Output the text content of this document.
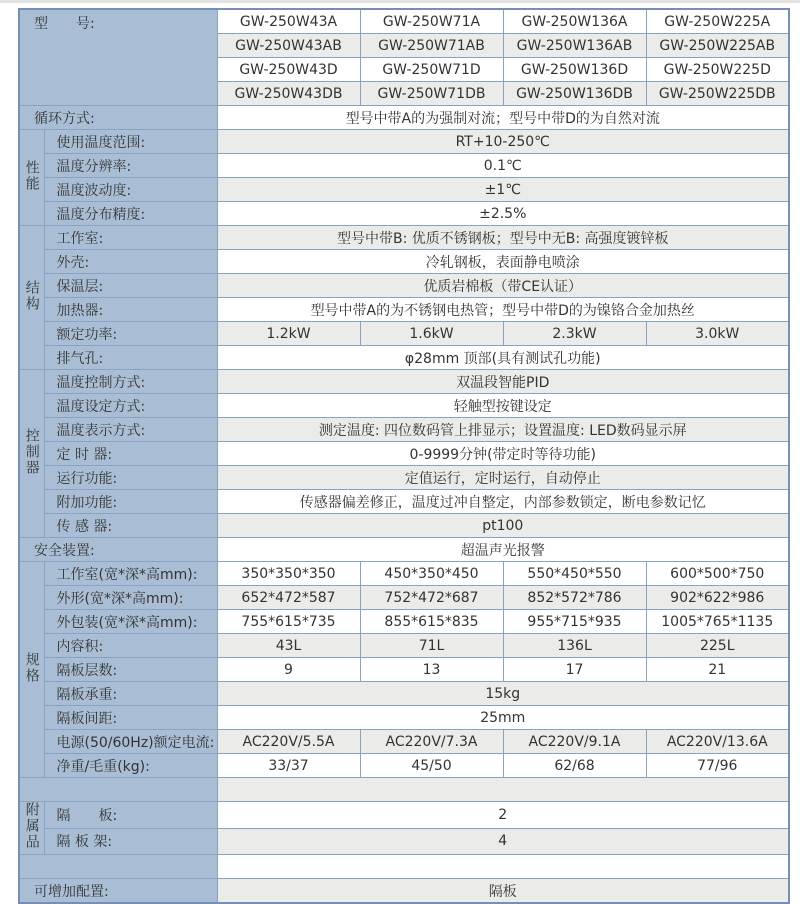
型　　号:		GW-250W43A	GW-250W71A	GW-250W136A	GW-250W225A
		GW-250W43AB	GW-250W71AB	GW-250W136AB	GW-250W225AB
		GW-250W43D	GW-250W71D	GW-250W136D	GW-250W225D
		GW-250W43DB	GW-250W71DB	GW-250W136DB	GW-250W225DB
循环方式:		型号中带A的为强制对流；型号中带D的为自然对流			
性能	使用温度范围:	RT+10-250℃			
	温度分辨率:	0.1℃			
	温度波动度:	±1℃			
	温度分布精度:	±2.5%			
结构	工作室:	型号中带B: 优质不锈钢板；型号中无B: 高强度镀锌板			
	外壳:	冷轧钢板，表面静电喷涂			
	保温层:	优质岩棉板（带CE认证）			
	加热器:	型号中带A的为不锈钢电热管；型号中带D的为镍铬合金加热丝			
	额定功率:	1.2kW	1.6kW	2.3kW	3.0kW
	排气孔:	φ28mm 顶部(具有测试孔功能)			
控制器	温度控制方式:	双温段智能PID			
	温度设定方式:	轻触型按键设定			
	温度表示方式:	测定温度: 四位数码管上排显示；设置温度: LED数码显示屏			
	定 时 器:	0-9999分钟(带定时等待功能)			
	运行功能:	定值运行，定时运行，自动停止			
	附加功能:	传感器偏差修正，温度过冲自整定，内部参数锁定，断电参数记忆			
	传 感 器:	pt100			
安全装置:		超温声光报警			
规格	工作室(宽*深*高mm):	350*350*350	450*350*450	550*450*550	600*500*750
	外形(宽*深*高mm):	652*472*587	752*472*687	852*572*786	902*622*986
	外包装(宽*深*高mm):	755*615*735	855*615*835	955*715*935	1005*765*1135
	内容积:	43L	71L	136L	225L
	隔板层数:	9	13	17	21
	隔板承重:	15kg			
	隔板间距:	25mm			
	电源(50/60Hz)额定电流:	AC220V/5.5A	AC220V/7.3A	AC220V/9.1A	AC220V/13.6A
	净重/毛重(kg):	33/37	45/50	62/68	77/96

附属品	隔　　板:	2			
	隔 板 架:	4			

可增加配置:		隔板			
